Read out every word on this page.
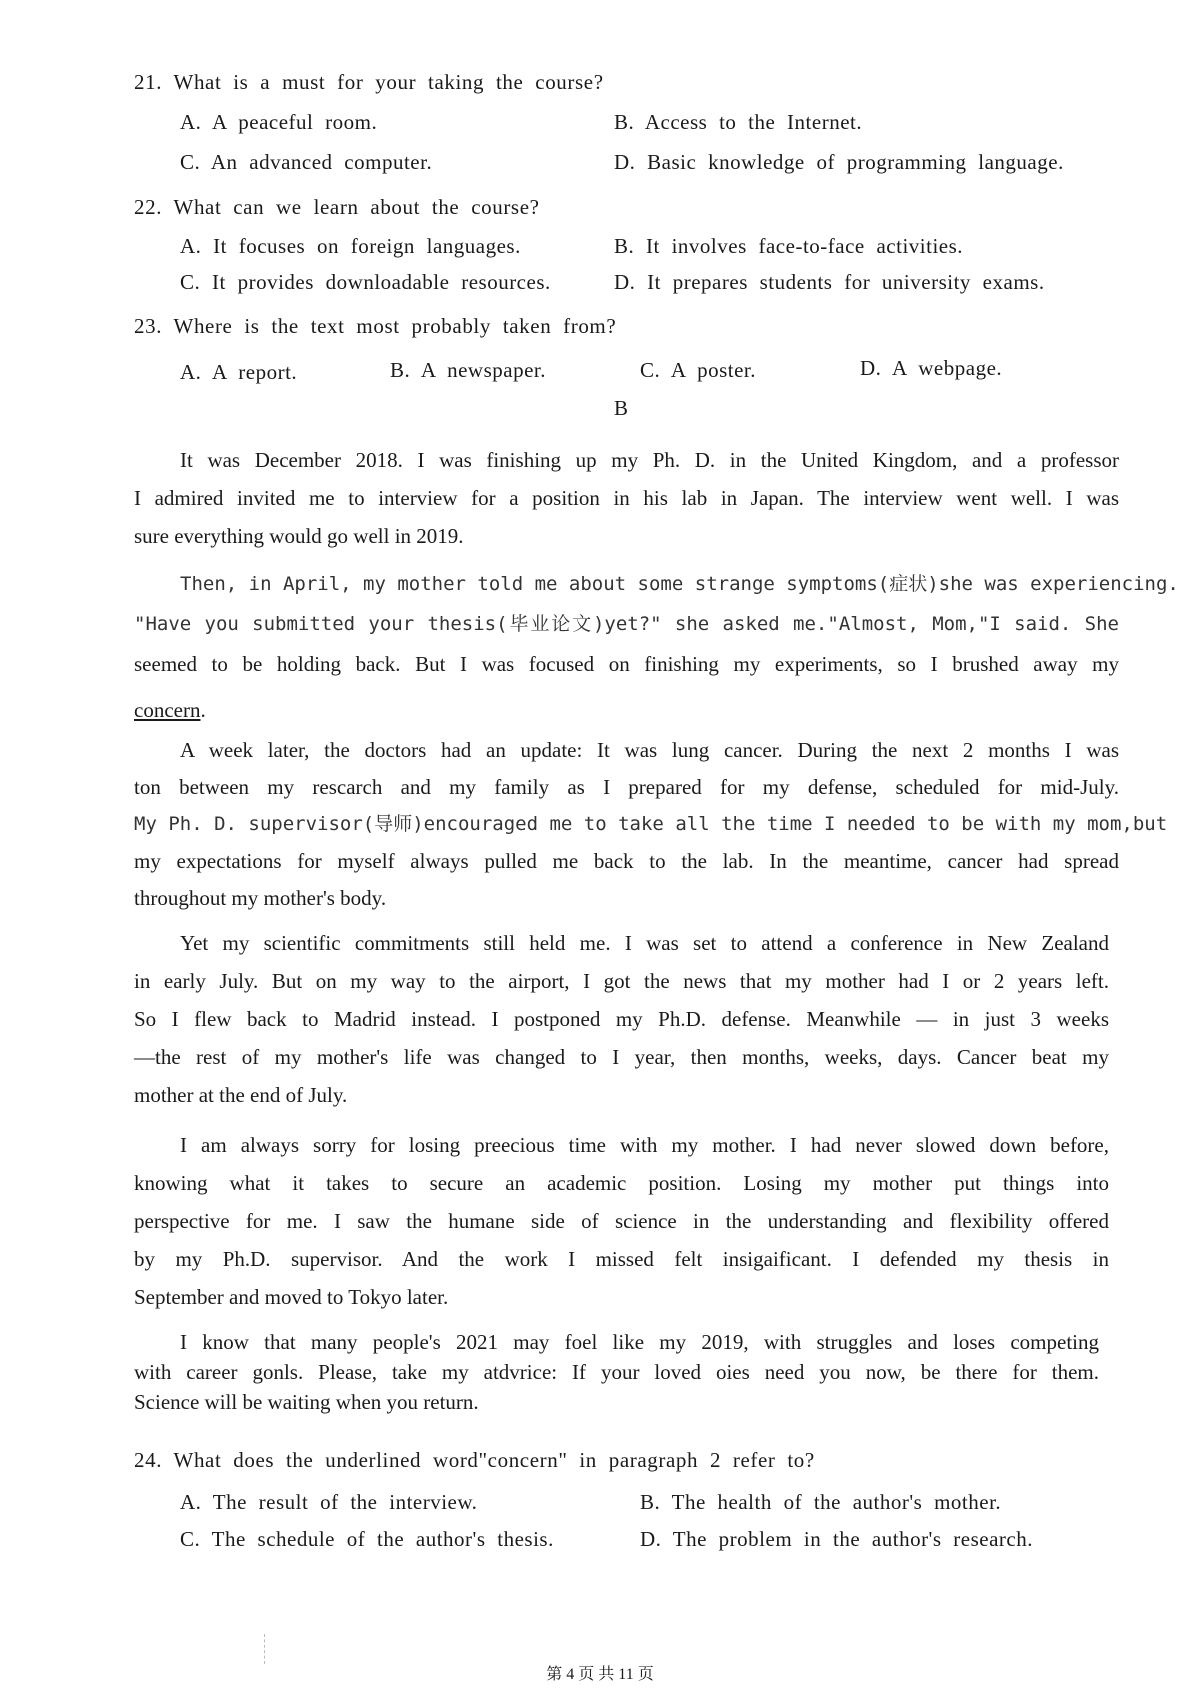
21. What is a must for your taking the course?
A. A peaceful room.	B. Access to the Internet.
C. An advanced computer.	D. Basic knowledge of programming language.
22. What can we learn about the course?
A. It focuses on foreign languages.	B. It involves face-to-face activities.
C. It provides downloadable resources.	D. It prepares students for university exams.
23. Where is the text most probably taken from?
A. A report.	B. A newspaper.	C. A poster.	D. A webpage.
B
It was December 2018. I was finishing up my Ph. D. in the United Kingdom, and a professor
I admired invited me to interview for a position in his lab in Japan. The interview went well. I was
sure everything would go well in 2019.
Then, in April, my mother told me about some strange symptoms(症状)she was experiencing.
"Have you submitted your thesis(毕业论文)yet?" she asked me."Almost, Mom,"I said. She
seemed to be holding back. But I was focused on finishing my experiments, so I brushed away my
concern.
A week later, the doctors had an update: It was lung cancer. During the next 2 months I was
ton between my rescarch and my family as I prepared for my defense, scheduled for mid-July.
My Ph. D. supervisor(导师)encouraged me to take all the time I needed to be with my mom,but
my expectations for myself always pulled me back to the lab. In the meantime, cancer had spread
throughout my mother's body.
Yet my scientific commitments still held me. I was set to attend a conference in New Zealand
in early July. But on my way to the airport, I got the news that my mother had I or 2 years left.
So I flew back to Madrid instead. I postponed my Ph.D. defense. Meanwhile — in just 3 weeks
—the rest of my mother's life was changed to I year, then months, weeks, days. Cancer beat my
mother at the end of July.
I am always sorry for losing preecious time with my mother. I had never slowed down before,
knowing what it takes to secure an academic position. Losing my mother put things into
perspective for me. I saw the humane side of science in the understanding and flexibility offered
by my Ph.D. supervisor. And the work I missed felt insigaificant. I defended my thesis in
September and moved to Tokyo later.
I know that many people's 2021 may foel like my 2019, with struggles and loses competing
with career gonls. Please, take my atdvrice: If your loved oies need you now, be there for them.
Science will be waiting when you return.
24. What does the underlined word"concern" in paragraph 2 refer to?
A. The result of the interview.	B. The health of the author's mother.
C. The schedule of the author's thesis.	D. The problem in the author's research.
第 4 页 共 11 页
